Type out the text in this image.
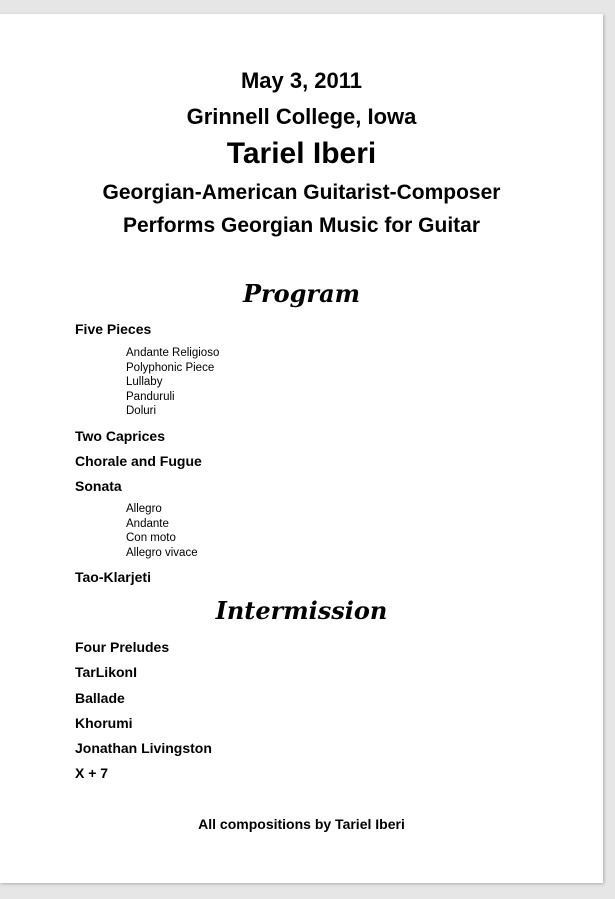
May 3, 2011
Grinnell College, Iowa
Tariel Iberi
Georgian-American Guitarist-Composer
Performs Georgian Music for Guitar
Program
Five Pieces
Andante Religioso
Polyphonic Piece
Lullaby
Panduruli
Doluri
Two Caprices
Chorale and Fugue
Sonata
Allegro
Andante
Con moto
Allegro vivace
Tao-Klarjeti
Intermission
Four Preludes
TarLikonI
Ballade
Khorumi
Jonathan Livingston
X + 7
All compositions by Tariel Iberi
